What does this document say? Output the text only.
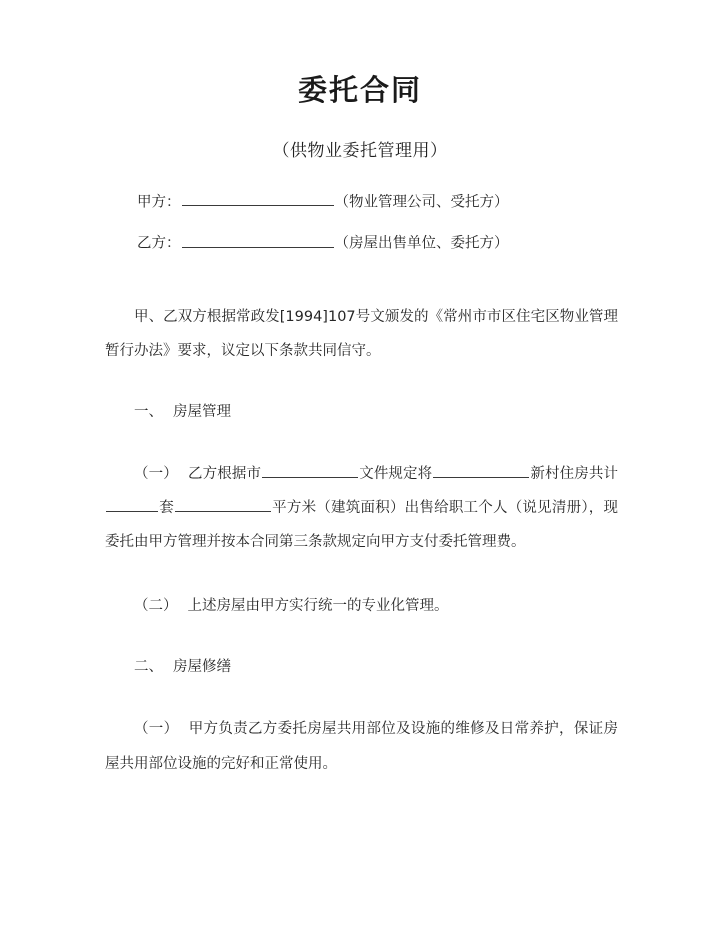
委托合同
（供物业委托管理用）
甲方：	（物业管理公司、受托方）
乙方：	（房屋出售单位、委托方）

甲、乙双方根据常政发[1994]107号文颁发的《常州市市区住宅区物业管理暂行办法》要求，议定以下条款共同信守。

一、 房屋管理

（一） 乙方根据市	文件规定将	新村住房共计套	平方米（建筑面积）出售给职工个人（说见清册），现委托由甲方管理并按本合同第三条款规定向甲方支付委托管理费。

（二） 上述房屋由甲方实行统一的专业化管理。

二、 房屋修缮

（一） 甲方负责乙方委托房屋共用部位及设施的维修及日常养护，保证房屋共用部位设施的完好和正常使用。
